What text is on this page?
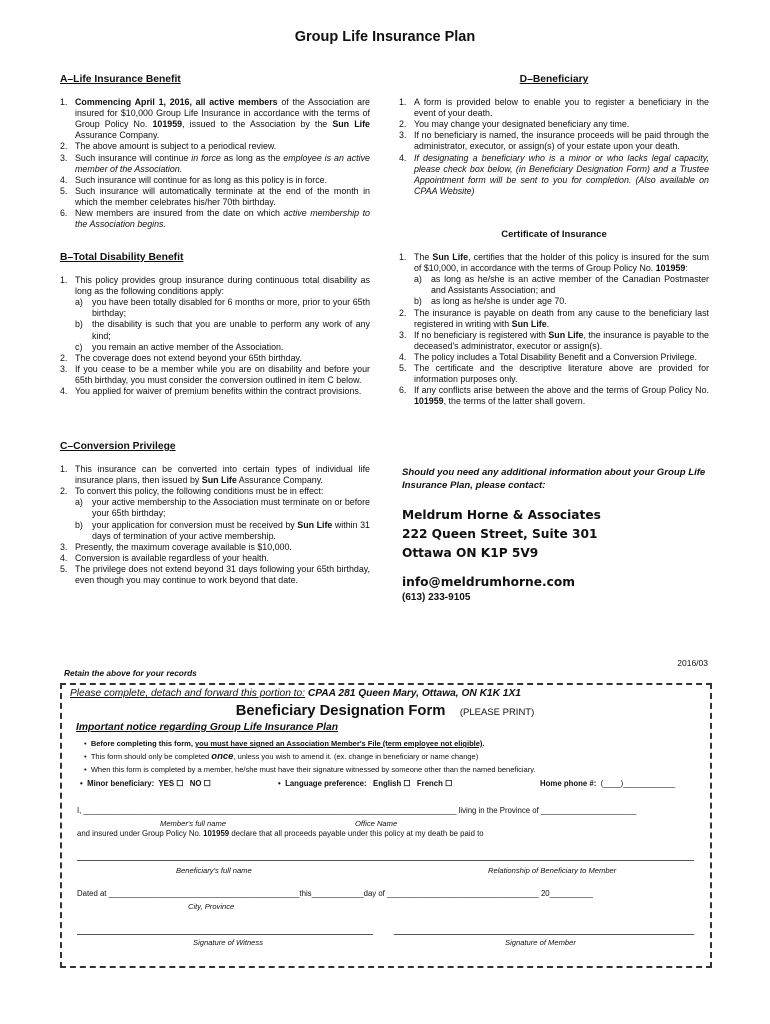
Group Life Insurance Plan
A–Life Insurance Benefit
1. Commencing April 1, 2016, all active members of the Association are insured for $10,000 Group Life Insurance in accordance with the terms of Group Policy No. 101959, issued to the Association by the Sun Life Assurance Company.
2. The above amount is subject to a periodical review.
3. Such insurance will continue in force as long as the employee is an active member of the Association.
4. Such insurance will continue for as long as this policy is in force.
5. Such insurance will automatically terminate at the end of the month in which the member celebrates his/her 70th birthday.
6. New members are insured from the date on which active membership to the Association begins.
B–Total Disability Benefit
1. This policy provides group insurance during continuous total disability as long as the following conditions apply:
a) you have been totally disabled for 6 months or more, prior to your 65th birthday;
b) the disability is such that you are unable to perform any work of any kind;
c) you remain an active member of the Association.
2. The coverage does not extend beyond your 65th birthday.
3. If you cease to be a member while you are on disability and before your 65th birthday, you must consider the conversion outlined in item C below.
4. You applied for waiver of premium benefits within the contract provisions.
C–Conversion Privilege
1. This insurance can be converted into certain types of individual life insurance plans, then issued by Sun Life Assurance Company.
2. To convert this policy, the following conditions must be in effect:
a) your active membership to the Association must terminate on or before your 65th birthday;
b) your application for conversion must be received by Sun Life within 31 days of termination of your active membership.
3. Presently, the maximum coverage available is $10,000.
4. Conversion is available regardless of your health.
5. The privilege does not extend beyond 31 days following your 65th birthday, even though you may continue to work beyond that date.
D–Beneficiary
1. A form is provided below to enable you to register a beneficiary in the event of your death.
2. You may change your designated beneficiary any time.
3. If no beneficiary is named, the insurance proceeds will be paid through the administrator, executor, or assign(s) of your estate upon your death.
4. If designating a beneficiary who is a minor or who lacks legal capacity, please check box below, (in Beneficiary Designation Form) and a Trustee Appointment form will be sent to you for completion. (Also available on CPAA Website)
Certificate of Insurance
1. The Sun Life, certifies that the holder of this policy is insured for the sum of $10,000, in accordance with the terms of Group Policy No. 101959:
a) as long as he/she is an active member of the Canadian Postmaster and Assistants Association; and
b) as long as he/she is under age 70.
2. The insurance is payable on death from any cause to the beneficiary last registered in writing with Sun Life.
3. If no beneficiary is registered with Sun Life, the insurance is payable to the deceased's administrator, executor or assign(s).
4. The policy includes a Total Disability Benefit and a Conversion Privilege.
5. The certificate and the descriptive literature above are provided for information purposes only.
6. If any conflicts arise between the above and the terms of Group Policy No. 101959, the terms of the latter shall govern.
Should you need any additional information about your Group Life Insurance Plan, please contact:
Meldrum Horne & Associates
222 Queen Street, Suite 301
Ottawa ON K1P 5V9
info@meldrumhorne.com
(613) 233-9105
2016/03
Retain the above for your records
Please complete, detach and forward this portion to: CPAA 281 Queen Mary, Ottawa, ON K1K 1X1
Beneficiary Designation Form (PLEASE PRINT)
Important notice regarding Group Life Insurance Plan
• Before completing this form, you must have signed an Association Member's File (term employee not eligible).
• This form should only be completed once, unless you wish to amend it. (ex. change in beneficiary or name change)
• When this form is completed by a member, he/she must have their signature witnessed by someone other than the named beneficiary.
• Minor beneficiary: YES ☐ NO ☐	• Language preference: English ☐ French ☐	Home phone #: (____)____________
I, ______________________________________________________________________________________ living in the Province of ______________________
Member's full name	Office Name
and insured under Group Policy No. 101959 declare that all proceeds payable under this policy at my death be paid to
Beneficiary's full name	Relationship of Beneficiary to Member
Dated at ____________________________________________this____________day of ___________________________________ 20__________
City, Province
Signature of Witness	Signature of Member
